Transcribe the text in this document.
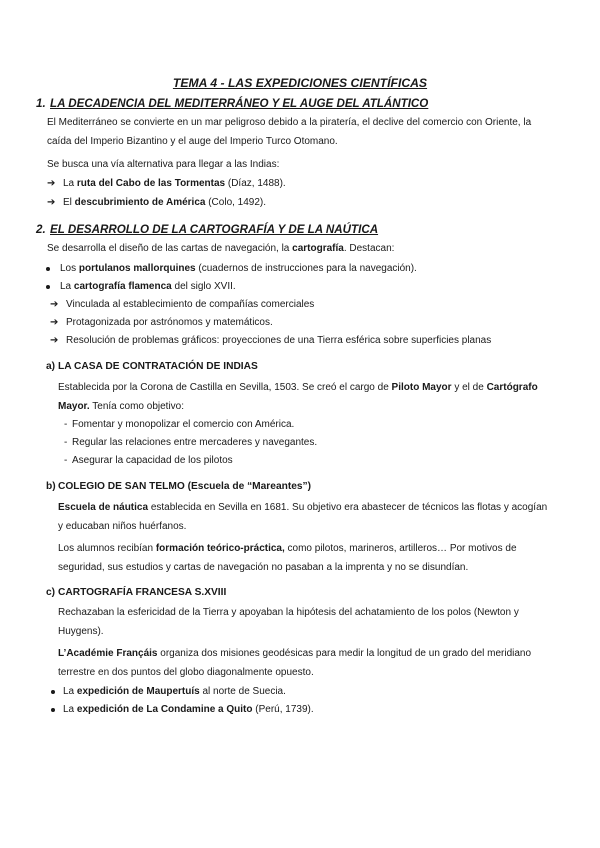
TEMA 4 - LAS EXPEDICIONES CIENTÍFICAS
1. LA DECADENCIA DEL MEDITERRÁNEO Y EL AUGE DEL ATLÁNTICO
El Mediterráneo se convierte en un mar peligroso debido a la piratería, el declive del comercio con Oriente, la
caída del Imperio Bizantino y el auge del Imperio Turco Otomano.
Se busca una vía alternativa para llegar a las Indias:
➔ La ruta del Cabo de las Tormentas (Díaz, 1488).
➔ El descubrimiento de América (Colo, 1492).
2. EL DESARROLLO DE LA CARTOGRAFÍA Y DE LA NAÚTICA
Se desarrolla el diseño de las cartas de navegación, la cartografía. Destacan:
Los portulanos mallorquines (cuadernos de instrucciones para la navegación).
La cartografía flamenca del siglo XVII.
➔ Vinculada al establecimiento de compañías comerciales
➔ Protagonizada por astrónomos y matemáticos.
➔ Resolución de problemas gráficos: proyecciones de una Tierra esférica sobre superficies planas
a) LA CASA DE CONTRATACIÓN DE INDIAS
Establecida por la Corona de Castilla en Sevilla, 1503. Se creó el cargo de Piloto Mayor y el de Cartógrafo
Mayor. Tenía como objetivo:
- Fomentar y monopolizar el comercio con América.
- Regular las relaciones entre mercaderes y navegantes.
- Asegurar la capacidad de los pilotos
b) COLEGIO DE SAN TELMO (Escuela de “Mareantes”)
Escuela de náutica establecida en Sevilla en 1681. Su objetivo era abastecer de técnicos las flotas y acogían
y educaban niños huérfanos.
Los alumnos recibían formación teórico-práctica, como pilotos, marineros, artilleros… Por motivos de
seguridad, sus estudios y cartas de navegación no pasaban a la imprenta y no se disundían.
c) CARTOGRAFÍA FRANCESA S.XVIII
Rechazaban la esfericidad de la Tierra y apoyaban la hipótesis del achatamiento de los polos (Newton y
Huygens).
L’Académie Françáis organiza dos misiones geodésicas para medir la longitud de un grado del meridiano
terrestre en dos puntos del globo diagonalmente opuesto.
La expedición de Maupertuís al norte de Suecia.
La expedición de La Condamine a Quito (Perú, 1739).
